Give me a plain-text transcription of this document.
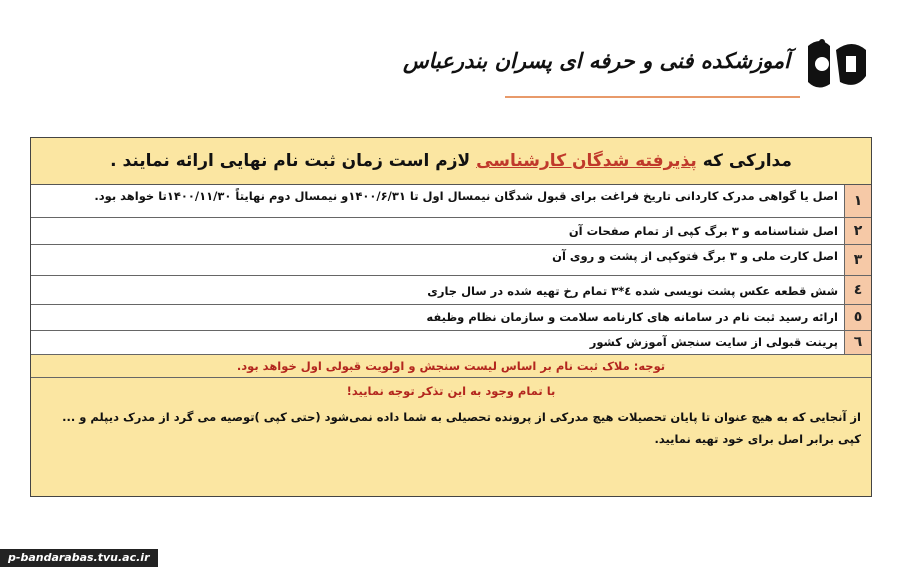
آموزشکده فنی و حرفه ای پسران بندرعباس
مدارکی که پذیرفته شدگان کارشناسی لازم است زمان ثبت نام نهایی ارائه نمایند .
۱	اصل یا گواهی مدرک کاردانی تاریخ فراغت برای قبول شدگان نیمسال اول تا ۱۴۰۰/۶/۳۱و نیمسال دوم نهایتاً ۱۴۰۰/۱۱/۳۰تا خواهد بود.
۲	اصل شناسنامه و ۳ برگ کپی از تمام صفحات آن
۳	اصل کارت ملی و ۳ برگ فتوکپی از پشت و روی آن
٤	شش قطعه عکس پشت نویسی شده ٤*۳ تمام رخ تهیه شده در سال جاری
٥	ارائه رسید ثبت نام در سامانه های کارنامه سلامت و سازمان نظام وظیفه
٦	پرینت قبولی از سایت سنجش آموزش کشور
توجه: ملاک ثبت نام بر اساس لیست سنجش و اولویت قبولی اول خواهد بود.
با تمام وجود به این تذکر توجه نمایید!
از آنجایی که به هیچ عنوان تا پایان تحصیلات هیچ مدرکی از پرونده تحصیلی به شما داده نمی‌شود (حتی کپی )توصیه می گرد از مدرک دیپلم و ... کپی برابر اصل برای خود تهیه نمایید.
p-bandarabas.tvu.ac.ir
